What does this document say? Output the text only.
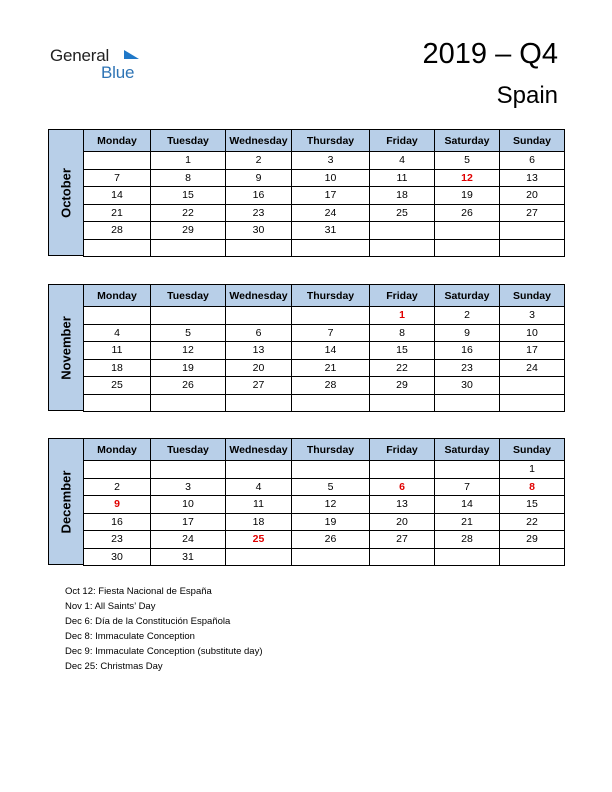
General
Blue
2019 – Q4
Spain
October
Monday	Tuesday	Wednesday	Thursday	Friday	Saturday	Sunday
	1	2	3	4	5	6
7	8	9	10	11	12	13
14	15	16	17	18	19	20
21	22	23	24	25	26	27
28	29	30	31			

November
Monday	Tuesday	Wednesday	Thursday	Friday	Saturday	Sunday
				1	2	3
4	5	6	7	8	9	10
11	12	13	14	15	16	17
18	19	20	21	22	23	24
25	26	27	28	29	30	

December
Monday	Tuesday	Wednesday	Thursday	Friday	Saturday	Sunday
						1
2	3	4	5	6	7	8
9	10	11	12	13	14	15
16	17	18	19	20	21	22
23	24	25	26	27	28	29
30	31					
Oct 12: Fiesta Nacional de España
Nov 1: All Saints’ Day
Dec 6: Día de la Constitución Española
Dec 8: Immaculate Conception
Dec 9: Immaculate Conception (substitute day)
Dec 25: Christmas Day
